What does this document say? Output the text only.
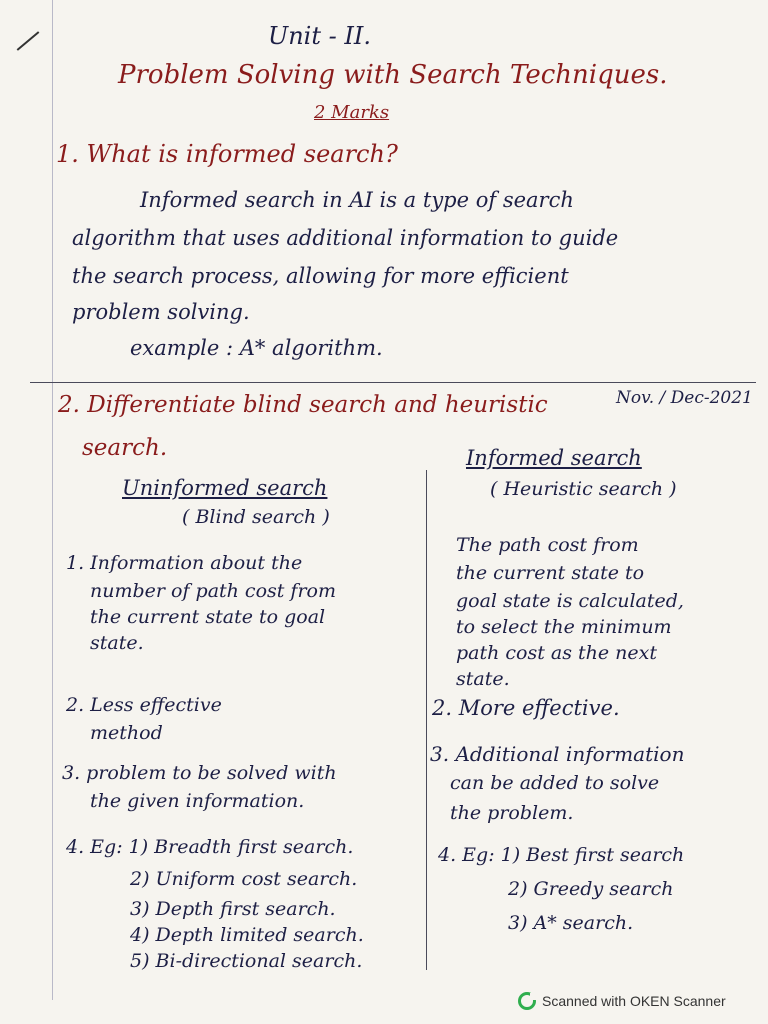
Unit - II.
Problem Solving with Search Techniques.
2 Marks
1. What is informed search?
Informed search in AI is a type of search
algorithm that uses additional information to guide
the search process, allowing for more efficient
problem solving.
example : A* algorithm.
2. Differentiate blind search and heuristic
search.
Nov. / Dec-2021
Uninformed search
( Blind search )
Informed search
( Heuristic search )
1. Information about the
number of path cost from
the current state to goal
state.
2. Less effective
method
3. problem to be solved with
the given information.
4. Eg: 1) Breadth first search.
2) Uniform cost search.
3) Depth first search.
4) Depth limited search.
5) Bi-directional search.
The path cost from
the current state to
goal state is calculated,
to select the minimum
path cost as the next
state.
2. More effective.
3. Additional information
can be added to solve
the problem.
4. Eg: 1) Best first search
2) Greedy search
3) A* search.
Scanned with OKEN Scanner
